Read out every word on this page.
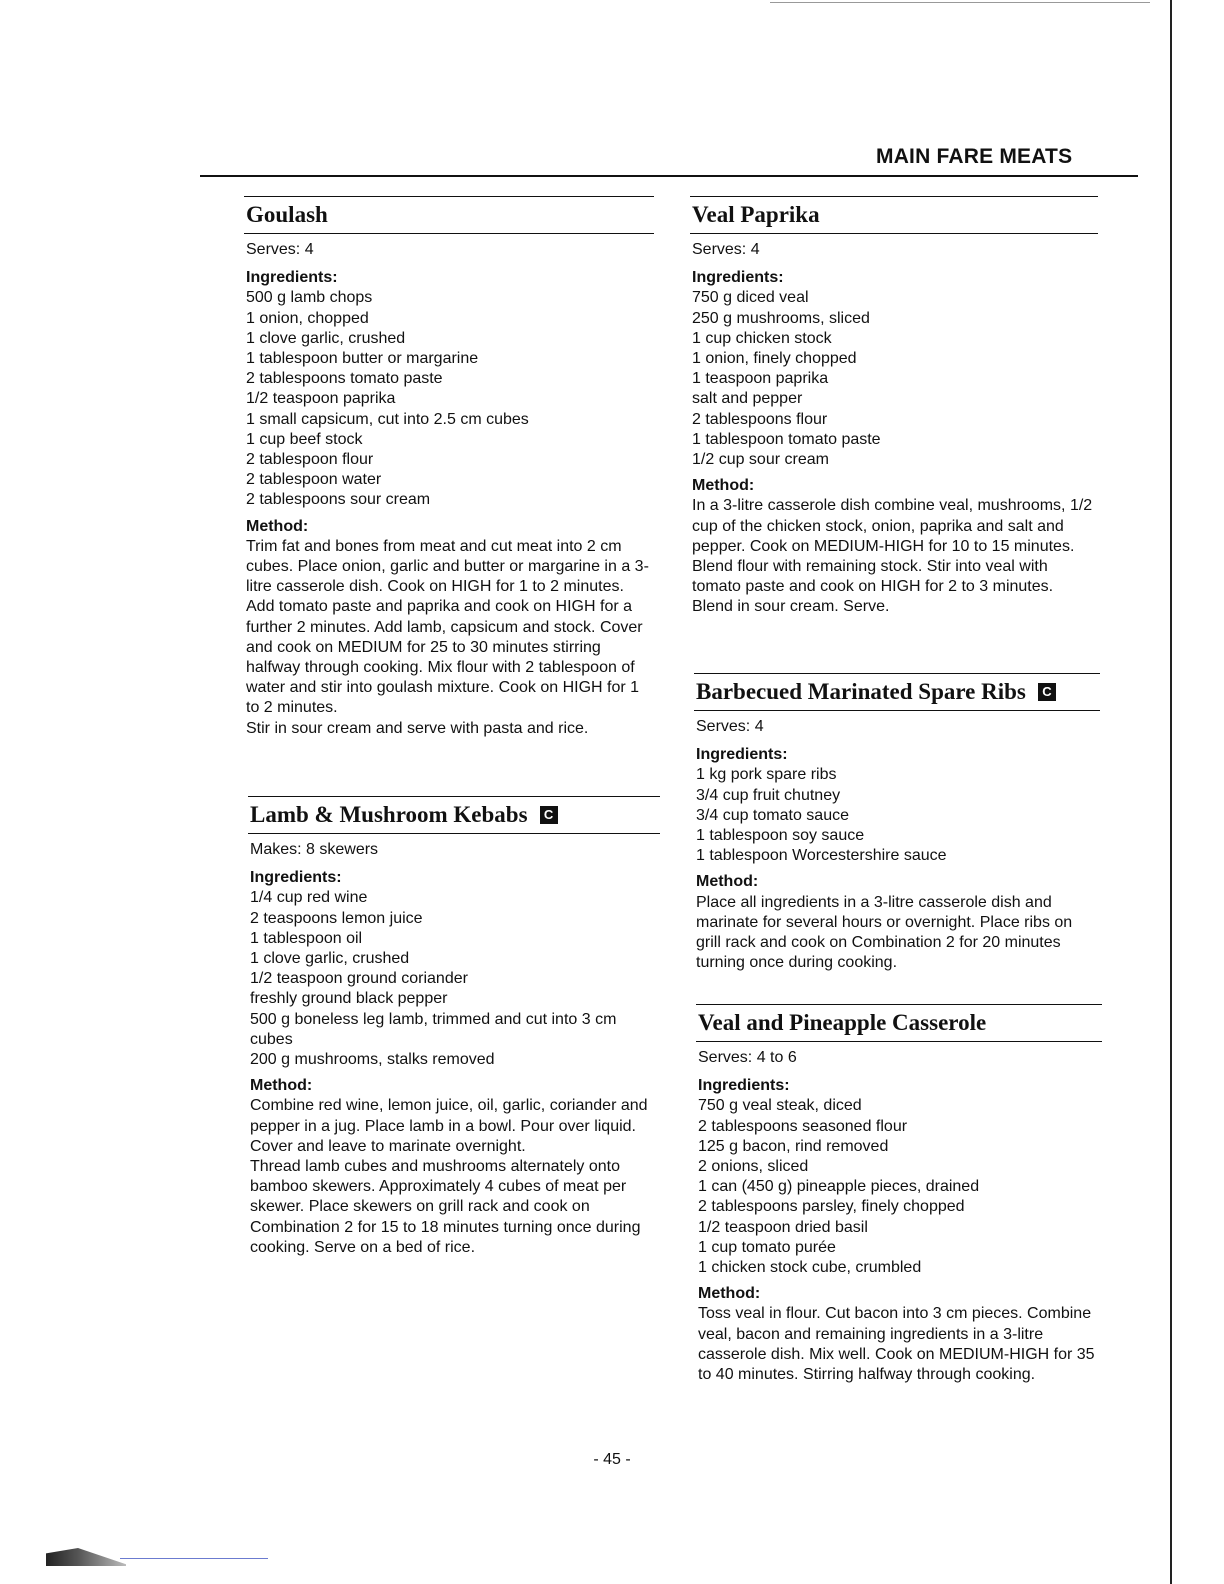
MAIN FARE MEATS
Goulash
Serves: 4
Ingredients:
500 g lamb chops
1 onion, chopped
1 clove garlic, crushed
1 tablespoon butter or margarine
2 tablespoons tomato paste
1/2 teaspoon paprika
1 small capsicum, cut into 2.5 cm cubes
1 cup beef stock
2 tablespoon flour
2 tablespoon water
2 tablespoons sour cream
Method:

Trim fat and bones from meat and cut meat into 2 cm cubes. Place onion, garlic and butter or margarine in a 3-litre casserole dish. Cook on HIGH for 1 to 2 minutes. Add tomato paste and paprika and cook on HIGH for a further 2 minutes. Add lamb, capsicum and stock. Cover and cook on MEDIUM for 25 to 30 minutes stirring halfway through cooking. Mix flour with 2 tablespoon of water and stir into goulash mixture. Cook on HIGH for 1 to 2 minutes.

Stir in sour cream and serve with pasta and rice.

Lamb & Mushroom Kebabs	C
Makes: 8 skewers
Ingredients:
1/4 cup red wine
2 teaspoons lemon juice
1 tablespoon oil
1 clove garlic, crushed
1/2 teaspoon ground coriander
freshly ground black pepper
500 g boneless leg lamb, trimmed and cut into 3 cm cubes
200 g mushrooms, stalks removed
Method:

Combine red wine, lemon juice, oil, garlic, coriander and pepper in a jug. Place lamb in a bowl. Pour over liquid. Cover and leave to marinate overnight.

Thread lamb cubes and mushrooms alternately onto bamboo skewers. Approximately 4 cubes of meat per skewer. Place skewers on grill rack and cook on Combination 2 for 15 to 18 minutes turning once during cooking. Serve on a bed of rice.

Veal Paprika
Serves: 4
Ingredients:
750 g diced veal
250 g mushrooms, sliced
1 cup chicken stock
1 onion, finely chopped
1 teaspoon paprika
salt and pepper
2 tablespoons flour
1 tablespoon tomato paste
1/2 cup sour cream
Method:

In a 3-litre casserole dish combine veal, mushrooms, 1/2 cup of the chicken stock, onion, paprika and salt and pepper. Cook on MEDIUM-HIGH for 10 to 15 minutes. Blend flour with remaining stock. Stir into veal with tomato paste and cook on HIGH for 2 to 3 minutes. Blend in sour cream. Serve.

Barbecued Marinated Spare Ribs	C
Serves: 4
Ingredients:
1 kg pork spare ribs
3/4 cup fruit chutney
3/4 cup tomato sauce
1 tablespoon soy sauce
1 tablespoon Worcestershire sauce
Method:

Place all ingredients in a 3-litre casserole dish and marinate for several hours or overnight. Place ribs on grill rack and cook on Combination 2 for 20 minutes turning once during cooking.

Veal and Pineapple Casserole
Serves: 4 to 6
Ingredients:
750 g veal steak, diced
2 tablespoons seasoned flour
125 g bacon, rind removed
2 onions, sliced
1 can (450 g) pineapple pieces, drained
2 tablespoons parsley, finely chopped
1/2 teaspoon dried basil
1 cup tomato purée
1 chicken stock cube, crumbled
Method:

Toss veal in flour. Cut bacon into 3 cm pieces. Combine veal, bacon and remaining ingredients in a 3-litre casserole dish. Mix well. Cook on MEDIUM-HIGH for 35 to 40 minutes. Stirring halfway through cooking.

- 45 -
